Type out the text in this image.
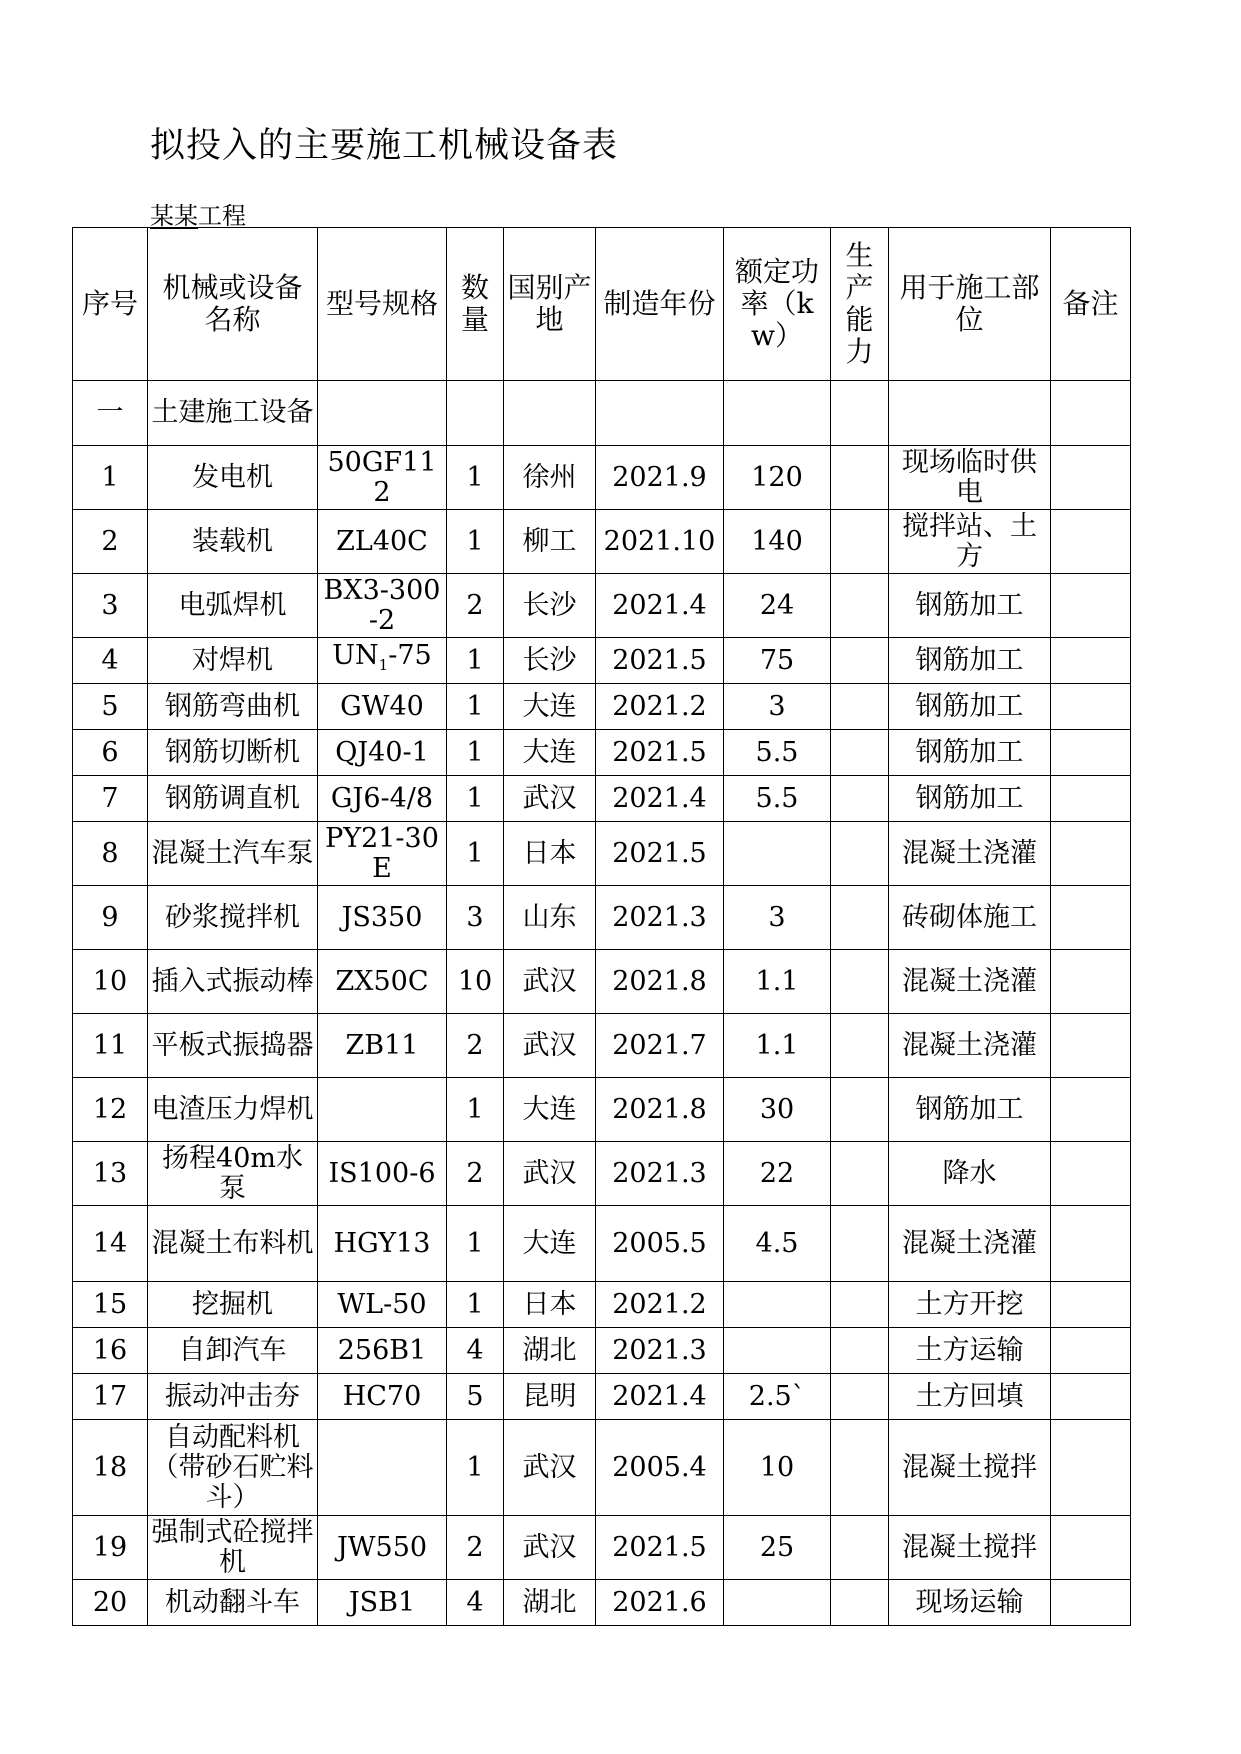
拟投入的主要施工机械设备表
某某工程
序号	机械或设备名称	型号规格	数量	国别产地	制造年份	额定功率（kw）	生产能力	用于施工部位	备注
一	土建施工设备								
1	发电机	50GF112	1	徐州	2021.9	120		现场临时供电	
2	装载机	ZL40C	1	柳工	2021.10	140		搅拌站、土方	
3	电弧焊机	BX3-300-2	2	长沙	2021.4	24		钢筋加工	
4	对焊机	$UN_1-75$	1	长沙	2021.5	75		钢筋加工	
5	钢筋弯曲机	GW40	1	大连	2021.2	3		钢筋加工	
6	钢筋切断机	QJ40-1	1	大连	2021.5	5.5		钢筋加工	
7	钢筋调直机	GJ6-4/8	1	武汉	2021.4	5.5		钢筋加工	
8	混凝土汽车泵	PY21-30E	1	日本	2021.5			混凝土浇灌	
9	砂浆搅拌机	JS350	3	山东	2021.3	3		砖砌体施工	
10	插入式振动棒	ZX50C	10	武汉	2021.8	1.1		混凝土浇灌	
11	平板式振捣器	ZB11	2	武汉	2021.7	1.1		混凝土浇灌	
12	电渣压力焊机		1	大连	2021.8	30		钢筋加工	
13	扬程40m水泵	IS100-6	2	武汉	2021.3	22		降水	
14	混凝土布料机	HGY13	1	大连	2005.5	4.5		混凝土浇灌	
15	挖掘机	WL-50	1	日本	2021.2			土方开挖	
16	自卸汽车	256B1	4	湖北	2021.3			土方运输	
17	振动冲击夯	HC70	5	昆明	2021.4	2.5`		土方回填	
18	自动配料机（带砂石贮料斗）		1	武汉	2005.4	10		混凝土搅拌	
19	强制式砼搅拌机	JW550	2	武汉	2021.5	25		混凝土搅拌	
20	机动翻斗车	JSB1	4	湖北	2021.6			现场运输	
